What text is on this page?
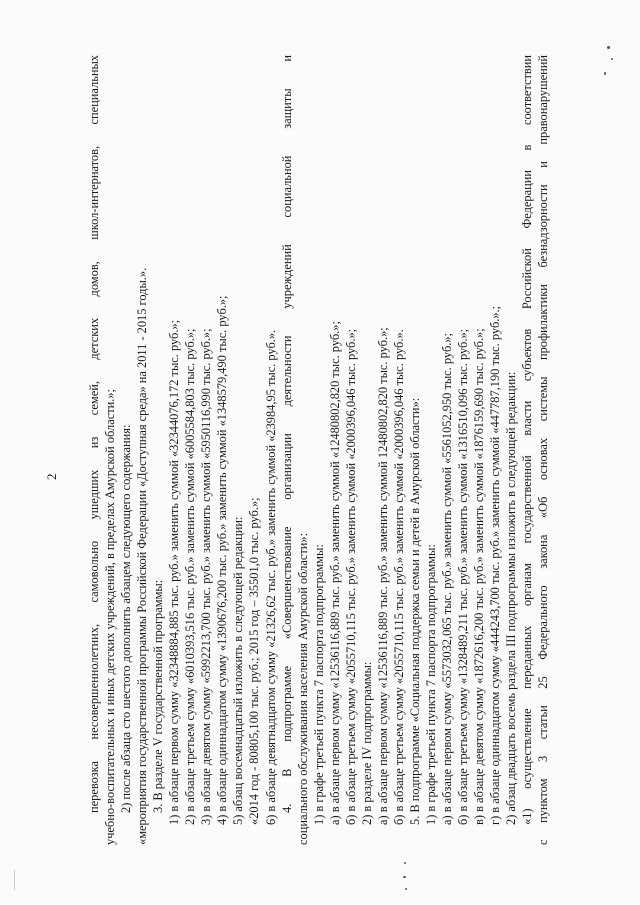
2 перевозка несовершеннолетних, самовольно ушедших из семей, детских домов, школ-интернатов, специальных учебно-воспитательных и иных детских учреждений, в пределах Амурской области.»; 2) после абзаца сто шестого дополнить абзацем следующего содержания: «мероприятия государственной программы Российской Федерации «Доступная среда» на 2011 - 2015 годы.». 3. В разделе V государственной программы: 1) в абзаце первом сумму «32348884,885 тыс. руб.» заменить суммой «32344076,172 тыс. руб.»; 2) в абзаце третьем сумму «6010393,516 тыс. руб.» заменить суммой «6005584,803 тыс. руб.»; 3) в абзаце девятом сумму «5992213,700 тыс. руб.» заменить суммой «5950116,990 тыс. руб.»; 4) в абзаце одиннадцатом сумму «1390676,200 тыс. руб.» заменить суммой «1348579,490 тыс. руб.»; 5) абзац восемнадцатый изложить в следующей редакции: «2014 год - 80805,100 тыс. руб.; 2015 год – 35501,0 тыс. руб.»; 6) в абзаце девятнадцатом сумму «21326,62 тыс. руб.» заменить суммой «23984,95 тыс. руб.». 4. В подпрограмме «Совершенствование организации деятельности учреждений социальной защиты и социального обслуживания населения Амурской области»: 1) в графе третьей пункта 7 паспорта подпрограммы: а) в абзаце первом сумму «12536116,889 тыс. руб.» заменить суммой «12480802,820 тыс. руб.»; б) в абзаце третьем сумму «2055710,115 тыс. руб.» заменить суммой «2000396,046 тыс. руб.»; 2) в разделе IV подпрограммы: а) в абзаце первом сумму «12536116,889 тыс. руб.» заменить суммой 12480802,820 тыс. руб.»; б) в абзаце третьем сумму «2055710,115 тыс. руб.» заменить суммой «2000396,046 тыс. руб.». 5. В подпрограмме «Социальная поддержка семьи и детей в Амурской области»: 1) в графе третьей пункта 7 паспорта подпрограммы: а) в абзаце первом сумму «5573032,065 тыс. руб.» заменить суммой «5561052,950 тыс. руб.»; б) в абзаце третьем сумму «1328489,211 тыс. руб.» заменить суммой «1316510,096 тыс. руб.»; в) в абзаце девятом сумму «1872616,200 тыс. руб.» заменить суммой «1876159,690 тыс. руб.»; г) в абзаце одиннадцатом сумму «444243,700 тыс. руб.» заменить суммой «447787,190 тыс. руб.».; 2) абзац двадцать восемь раздела III подпрограммы изложить в следующей редакции: «1) осуществление переданных органам государственной власти субъектов Российской Федерации в соответствии с пунктом 3 статьи 25 Федерального закона «Об основах системы профилактики безнадзорности и правонарушений
